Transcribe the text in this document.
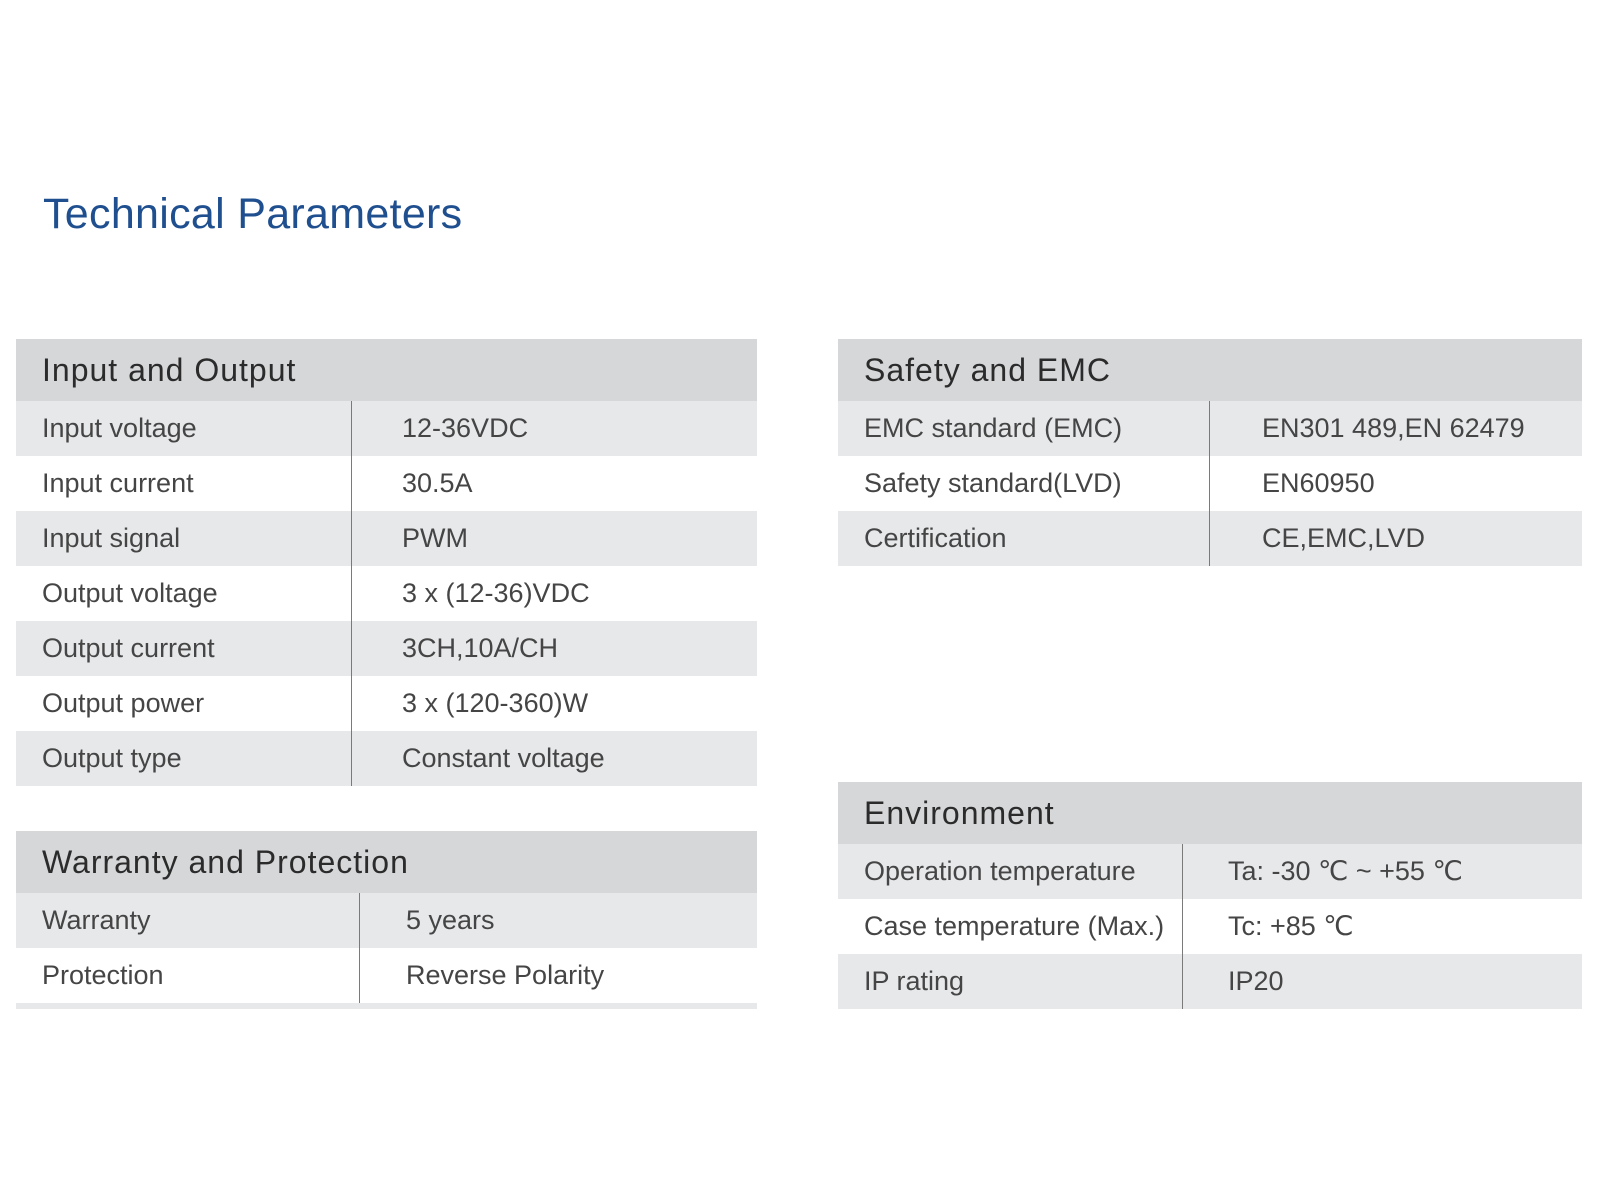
Technical Parameters
Input and Output
Input voltage	12-36VDC
Input current	30.5A
Input signal	PWM
Output voltage	3 x (12-36)VDC
Output current	3CH,10A/CH
Output power	3 x (120-360)W
Output type	Constant voltage
Warranty and Protection
Warranty	5 years
Protection	Reverse Polarity
Safety and EMC
EMC standard (EMC)	EN301 489,EN 62479
Safety standard(LVD)	EN60950
Certification	CE,EMC,LVD
Environment
Operation temperature	Ta: -30 ℃ ~ +55 ℃
Case temperature (Max.)	Tc: +85 ℃
IP rating	IP20
